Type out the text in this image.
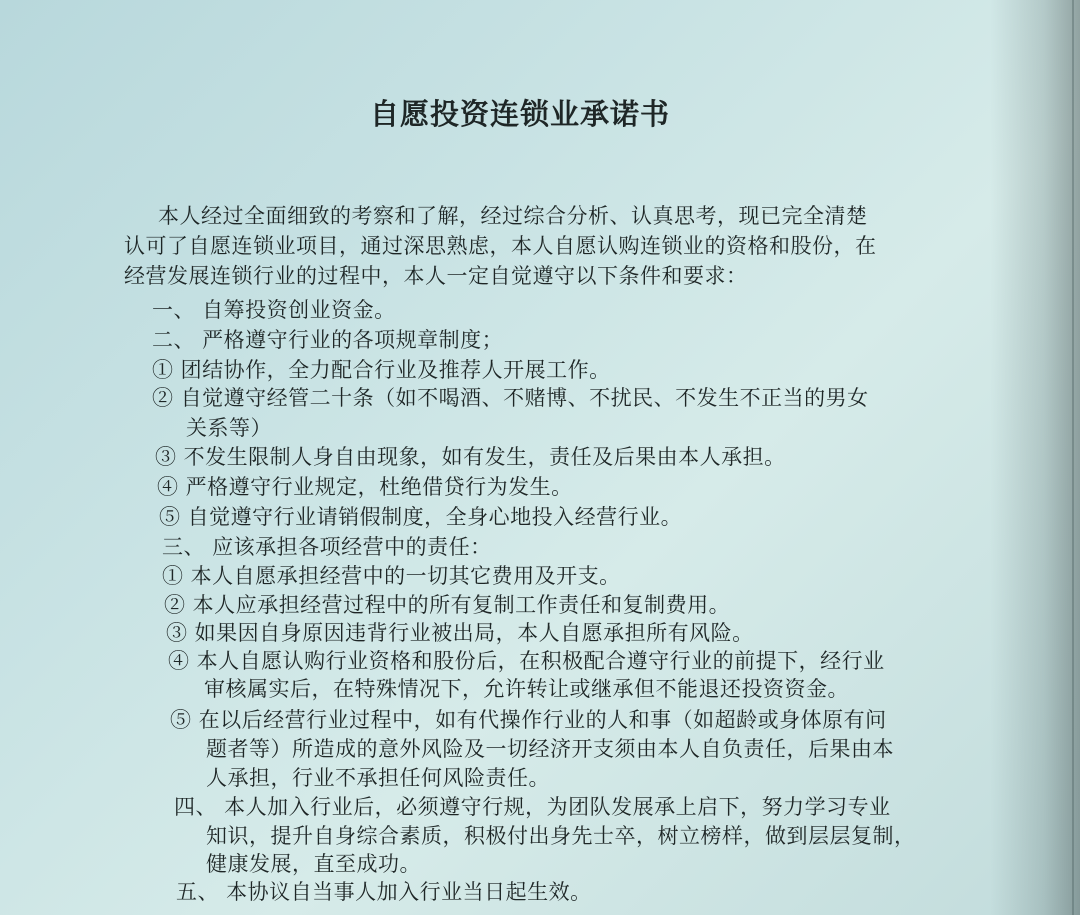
自愿投资连锁业承诺书
本人经过全面细致的考察和了解，经过综合分析、认真思考，现已完全清楚
认可了自愿连锁业项目，通过深思熟虑，本人自愿认购连锁业的资格和股份，在
经营发展连锁行业的过程中，本人一定自觉遵守以下条件和要求：
一、 自筹投资创业资金。
二、 严格遵守行业的各项规章制度；
① 团结协作，全力配合行业及推荐人开展工作。
② 自觉遵守经管二十条（如不喝酒、不赌博、不扰民、不发生不正当的男女
关系等）
③ 不发生限制人身自由现象，如有发生，责任及后果由本人承担。
④ 严格遵守行业规定，杜绝借贷行为发生。
⑤ 自觉遵守行业请销假制度，全身心地投入经营行业。
三、 应该承担各项经营中的责任：
① 本人自愿承担经营中的一切其它费用及开支。
② 本人应承担经营过程中的所有复制工作责任和复制费用。
③ 如果因自身原因违背行业被出局，本人自愿承担所有风险。
④ 本人自愿认购行业资格和股份后，在积极配合遵守行业的前提下，经行业
审核属实后，在特殊情况下，允许转让或继承但不能退还投资资金。
⑤ 在以后经营行业过程中，如有代操作行业的人和事（如超龄或身体原有问
题者等）所造成的意外风险及一切经济开支须由本人自负责任，后果由本
人承担，行业不承担任何风险责任。
四、 本人加入行业后，必须遵守行规，为团队发展承上启下，努力学习专业
知识，提升自身综合素质，积极付出身先士卒，树立榜样，做到层层复制，
健康发展，直至成功。
五、 本协议自当事人加入行业当日起生效。
